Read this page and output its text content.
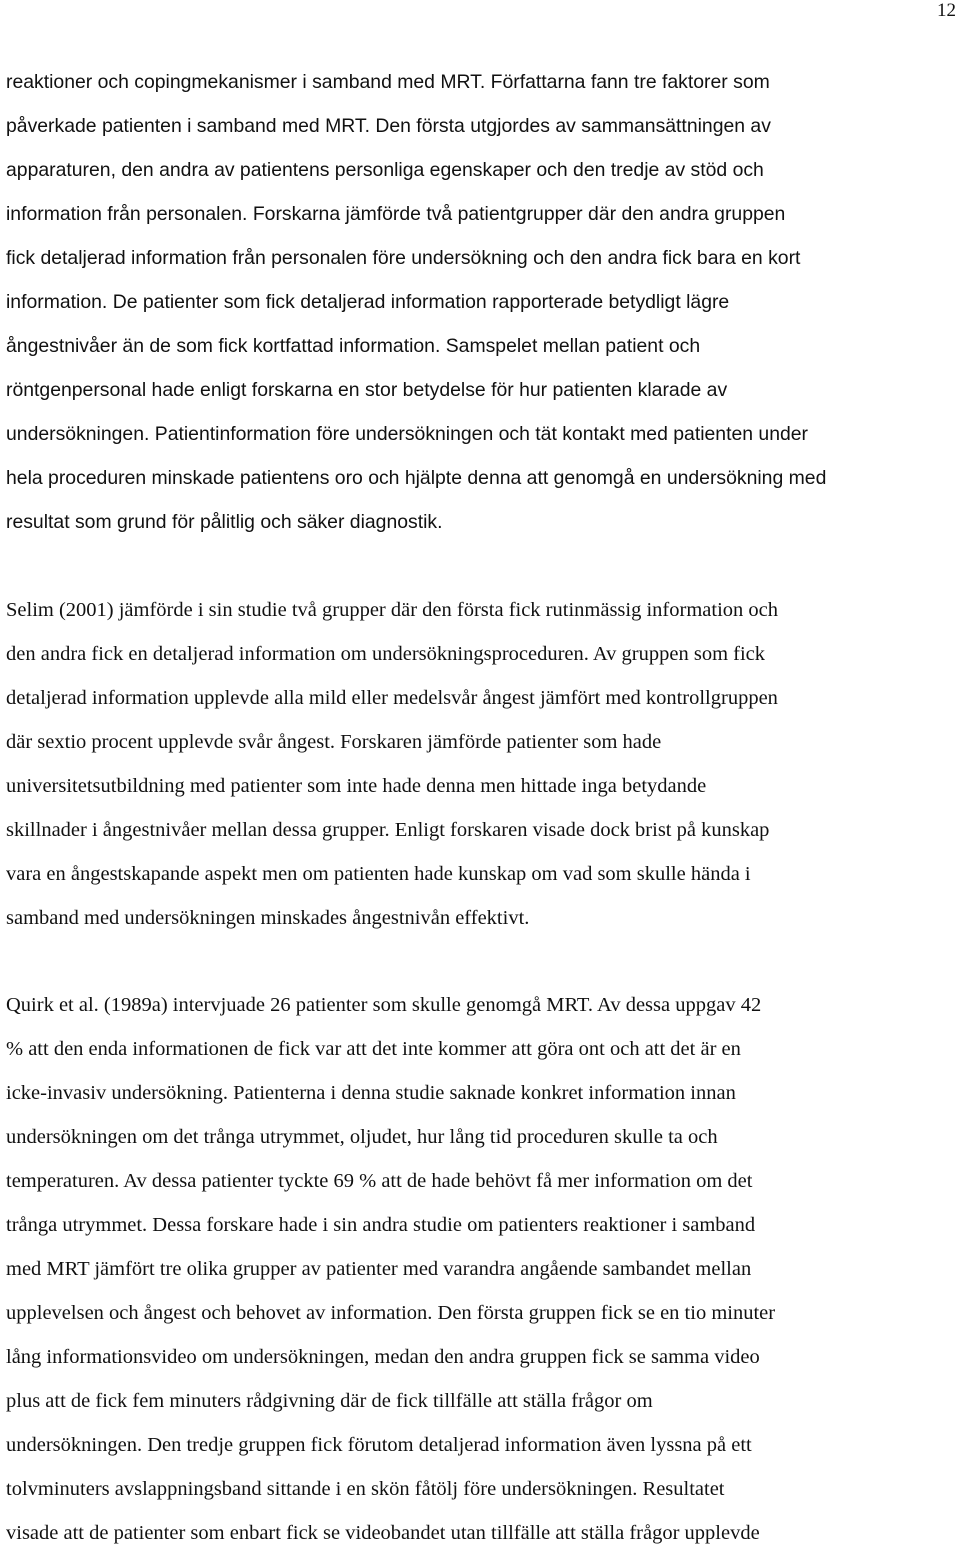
12
reaktioner och copingmekanismer i samband med MRT. Författarna fann tre faktorer som
påverkade patienten i samband med MRT. Den första utgjordes av sammansättningen av
apparaturen, den andra av patientens personliga egenskaper och den tredje av stöd och
information från personalen. Forskarna jämförde två patientgrupper där den andra gruppen
fick detaljerad information från personalen före undersökning och den andra fick bara en kort
information. De patienter som fick detaljerad information rapporterade betydligt lägre
ångestnivåer än de som fick kortfattad information. Samspelet mellan patient och
röntgenpersonal hade enligt forskarna en stor betydelse för hur patienten klarade av
undersökningen. Patientinformation före undersökningen och tät kontakt med patienten under
hela proceduren minskade patientens oro och hjälpte denna att genomgå en undersökning med
resultat som grund för pålitlig och säker diagnostik.
Selim (2001) jämförde i sin studie två grupper där den första fick rutinmässig information och
den andra fick en detaljerad information om undersökningsproceduren. Av gruppen som fick
detaljerad information upplevde alla mild eller medelsvår ångest jämfört med kontrollgruppen
där sextio procent upplevde svår ångest. Forskaren jämförde patienter som hade
universitetsutbildning med patienter som inte hade denna men hittade inga betydande
skillnader i ångestnivåer mellan dessa grupper. Enligt forskaren visade dock brist på kunskap
vara en ångestskapande aspekt men om patienten hade kunskap om vad som skulle hända i
samband med undersökningen minskades ångestnivån effektivt.
Quirk et al. (1989a) intervjuade 26 patienter som skulle genomgå MRT. Av dessa uppgav 42
% att den enda informationen de fick var att det inte kommer att göra ont och att det är en
icke-invasiv undersökning. Patienterna i denna studie saknade konkret information innan
undersökningen om det trånga utrymmet, oljudet, hur lång tid proceduren skulle ta och
temperaturen. Av dessa patienter tyckte 69 % att de hade behövt få mer information om det
trånga utrymmet. Dessa forskare hade i sin andra studie om patienters reaktioner i samband
med MRT jämfört tre olika grupper av patienter med varandra angående sambandet mellan
upplevelsen och ångest och behovet av information. Den första gruppen fick se en tio minuter
lång informationsvideo om undersökningen, medan den andra gruppen fick se samma video
plus att de fick fem minuters rådgivning där de fick tillfälle att ställa frågor om
undersökningen. Den tredje gruppen fick förutom detaljerad information även lyssna på ett
tolvminuters avslappningsband sittande i en skön fåtölj före undersökningen. Resultatet
visade att de patienter som enbart fick se videobandet utan tillfälle att ställa frågor upplevde
